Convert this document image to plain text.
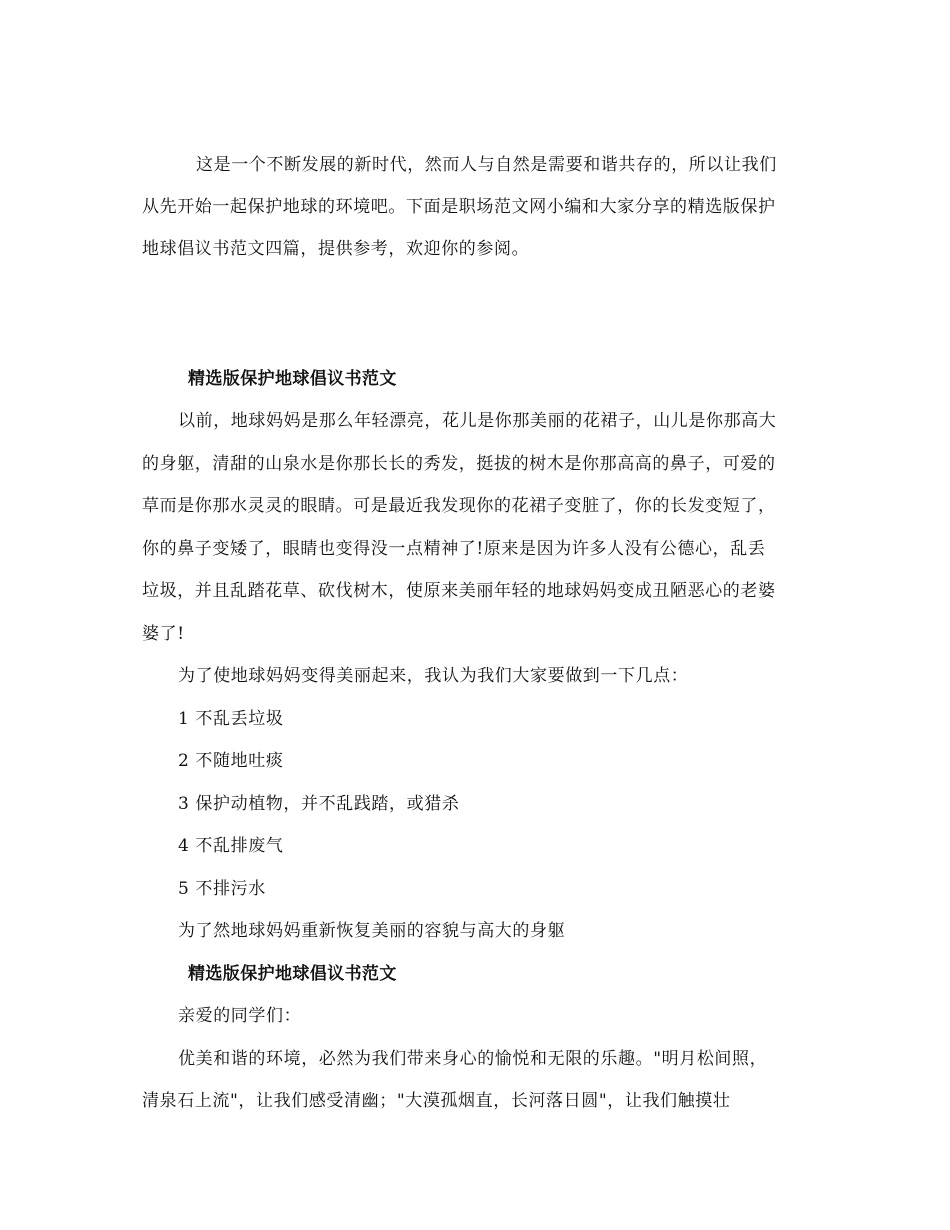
这是一个不断发展的新时代，然而人与自然是需要和谐共存的，所以让我们
从先开始一起保护地球的环境吧。下面是职场范文网小编和大家分享的精选版保护
地球倡议书范文四篇，提供参考，欢迎你的参阅。
精选版保护地球倡议书范文
以前，地球妈妈是那么年轻漂亮，花儿是你那美丽的花裙子，山儿是你那高大
的身躯，清甜的山泉水是你那长长的秀发，挺拔的树木是你那高高的鼻子，可爱的
草而是你那水灵灵的眼睛。可是最近我发现你的花裙子变脏了，你的长发变短了，
你的鼻子变矮了，眼睛也变得没一点精神了!原来是因为许多人没有公德心，乱丢
垃圾，并且乱踏花草、砍伐树木，使原来美丽年轻的地球妈妈变成丑陋恶心的老婆
婆了!
为了使地球妈妈变得美丽起来，我认为我们大家要做到一下几点：
1 不乱丢垃圾
2 不随地吐痰
3 保护动植物，并不乱践踏，或猎杀
4 不乱排废气
5 不排污水
为了然地球妈妈重新恢复美丽的容貌与高大的身躯
精选版保护地球倡议书范文
亲爱的同学们：
优美和谐的环境，必然为我们带来身心的愉悦和无限的乐趣。"明月松间照，
清泉石上流"，让我们感受清幽；"大漠孤烟直，长河落日圆"，让我们触摸壮
